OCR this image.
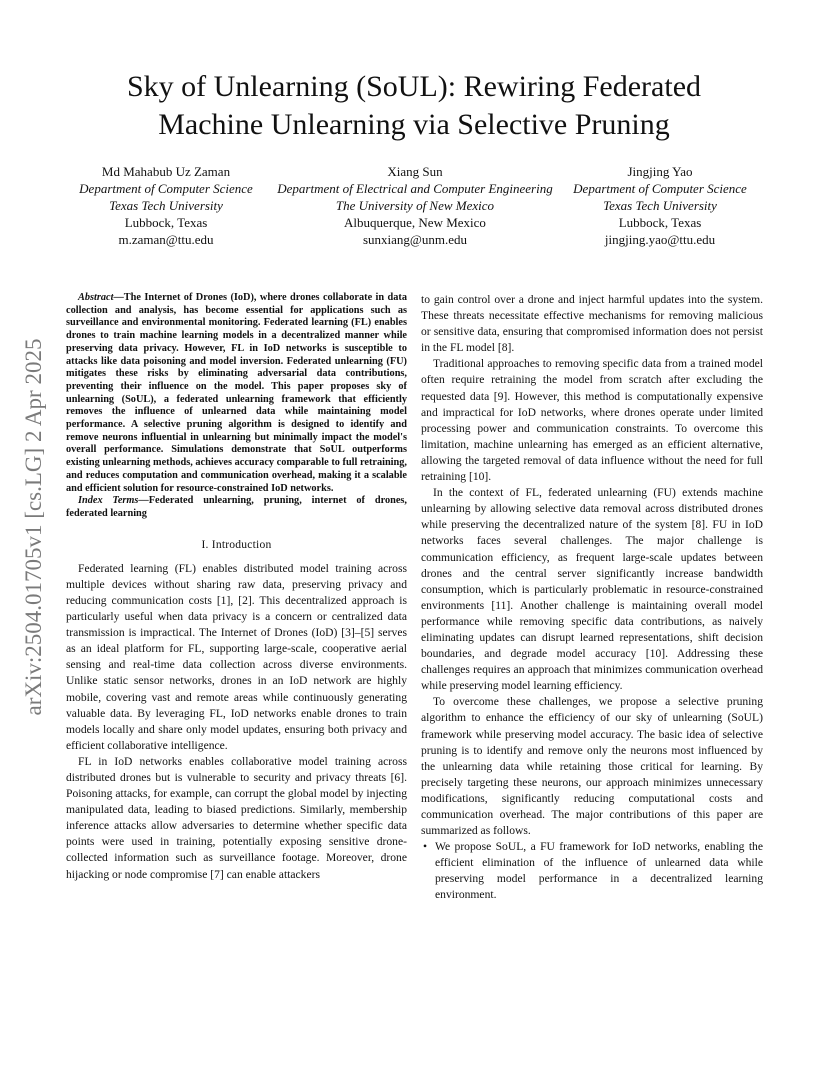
Sky of Unlearning (SoUL): Rewiring Federated
Machine Unlearning via Selective Pruning
Md Mahabub Uz Zaman
Department of Computer Science
Texas Tech University
Lubbock, Texas
m.zaman@ttu.edu
Xiang Sun
Department of Electrical and Computer Engineering
The University of New Mexico
Albuquerque, New Mexico
sunxiang@unm.edu
Jingjing Yao
Department of Computer Science
Texas Tech University
Lubbock, Texas
jingjing.yao@ttu.edu
arXiv:2504.01705v1 [cs.LG] 2 Apr 2025

Abstract—The Internet of Drones (IoD), where drones collaborate in data collection and analysis, has become essential for applications such as surveillance and environmental monitoring. Federated learning (FL) enables drones to train machine learning models in a decentralized manner while preserving data privacy. However, FL in IoD networks is susceptible to attacks like data poisoning and model inversion. Federated unlearning (FU) mitigates these risks by eliminating adversarial data contributions, preventing their influence on the model. This paper proposes sky of unlearning (SoUL), a federated unlearning framework that efficiently removes the influence of unlearned data while maintaining model performance. A selective pruning algorithm is designed to identify and remove neurons influential in unlearning but minimally impact the model's overall performance. Simulations demonstrate that SoUL outperforms existing unlearning methods, achieves accuracy comparable to full retraining, and reduces computation and communication overhead, making it a scalable and efficient solution for resource-constrained IoD networks.

Index Terms—Federated unlearning, pruning, internet of drones, federated learning

I. Introduction

Federated learning (FL) enables distributed model training across multiple devices without sharing raw data, preserving privacy and reducing communication costs [1], [2]. This decentralized approach is particularly useful when data privacy is a concern or centralized data transmission is impractical. The Internet of Drones (IoD) [3]–[5] serves as an ideal platform for FL, supporting large-scale, cooperative aerial sensing and real-time data collection across diverse environments. Unlike static sensor networks, drones in an IoD network are highly mobile, covering vast and remote areas while continuously generating valuable data. By leveraging FL, IoD networks enable drones to train models locally and share only model updates, ensuring both privacy and efficient collaborative intelligence.

FL in IoD networks enables collaborative model training across distributed drones but is vulnerable to security and privacy threats [6]. Poisoning attacks, for example, can corrupt the global model by injecting manipulated data, leading to biased predictions. Similarly, membership inference attacks allow adversaries to determine whether specific data points were used in training, potentially exposing sensitive drone-collected information such as surveillance footage. Moreover, drone hijacking or node compromise [7] can enable attackers

to gain control over a drone and inject harmful updates into the system. These threats necessitate effective mechanisms for removing malicious or sensitive data, ensuring that compromised information does not persist in the FL model [8].

Traditional approaches to removing specific data from a trained model often require retraining the model from scratch after excluding the requested data [9]. However, this method is computationally expensive and impractical for IoD networks, where drones operate under limited processing power and communication constraints. To overcome this limitation, machine unlearning has emerged as an efficient alternative, allowing the targeted removal of data influence without the need for full retraining [10].

In the context of FL, federated unlearning (FU) extends machine unlearning by allowing selective data removal across distributed drones while preserving the decentralized nature of the system [8]. FU in IoD networks faces several challenges. The major challenge is communication efficiency, as frequent large-scale updates between drones and the central server significantly increase bandwidth consumption, which is particularly problematic in resource-constrained environments [11]. Another challenge is maintaining overall model performance while removing specific data contributions, as naively eliminating updates can disrupt learned representations, shift decision boundaries, and degrade model accuracy [10]. Addressing these challenges requires an approach that minimizes communication overhead while preserving model learning efficiency.

To overcome these challenges, we propose a selective pruning algorithm to enhance the efficiency of our sky of unlearning (SoUL) framework while preserving model accuracy. The basic idea of selective pruning is to identify and remove only the neurons most influenced by the unlearning data while retaining those critical for learning. By precisely targeting these neurons, our approach minimizes unnecessary modifications, significantly reducing computational costs and communication overhead. The major contributions of this paper are summarized as follows.

• We propose SoUL, a FU framework for IoD networks, enabling the efficient elimination of the influence of unlearned data while preserving model performance in a decentralized learning environment.
